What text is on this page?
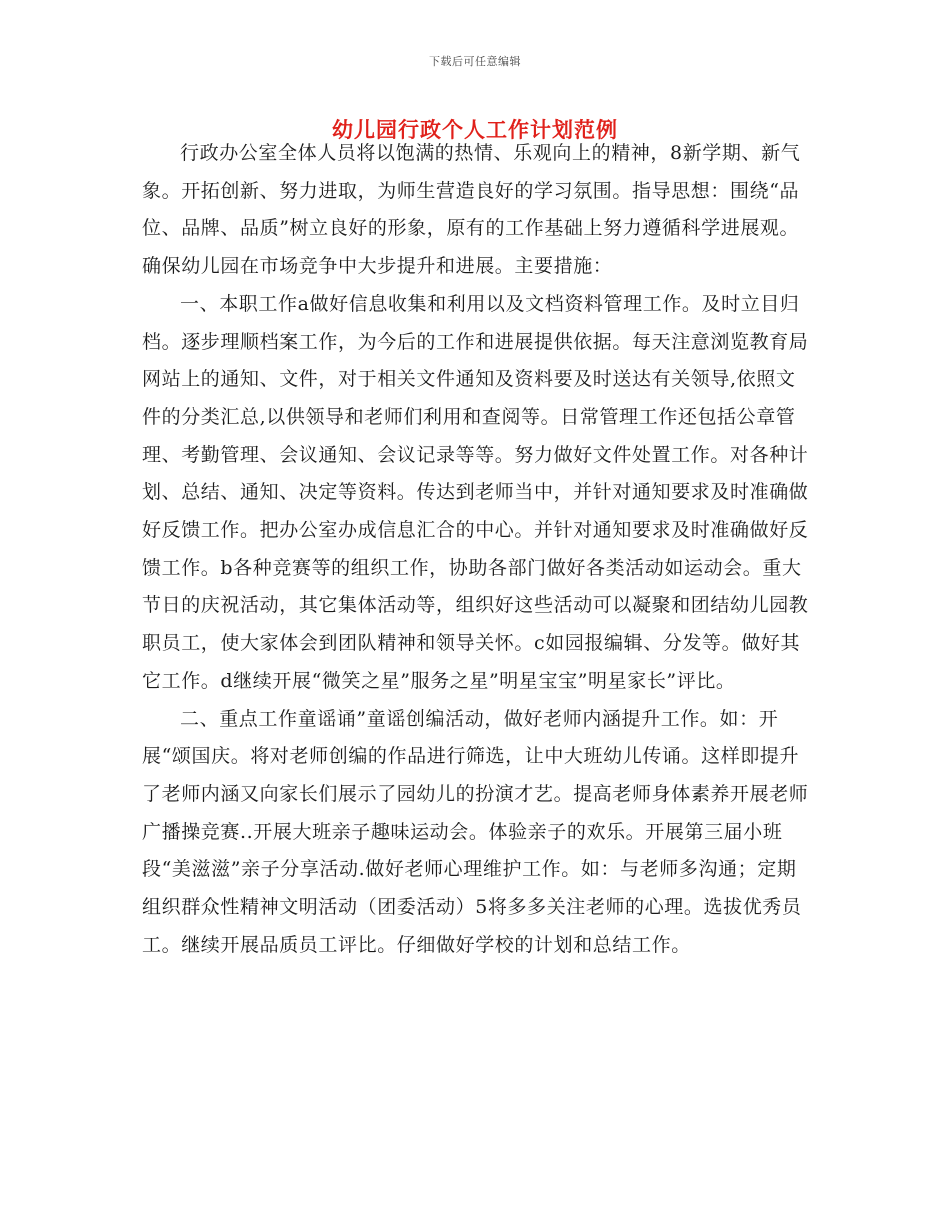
下载后可任意编辑
幼儿园行政个人工作计划范例

行政办公室全体人员将以饱满的热情、乐观向上的精神，8新学期、新气象。开拓创新、努力进取，为师生营造良好的学习氛围。指导思想：围绕“品位、品牌、品质”树立良好的形象，原有的工作基础上努力遵循科学进展观。确保幼儿园在市场竞争中大步提升和进展。主要措施：

一、本职工作a做好信息收集和利用以及文档资料管理工作。及时立目归档。逐步理顺档案工作，为今后的工作和进展提供依据。每天注意浏览教育局网站上的通知、文件，对于相关文件通知及资料要及时送达有关领导,依照文件的分类汇总,以供领导和老师们利用和查阅等。日常管理工作还包括公章管理、考勤管理、会议通知、会议记录等等。努力做好文件处置工作。对各种计划、总结、通知、决定等资料。传达到老师当中，并针对通知要求及时准确做好反馈工作。把办公室办成信息汇合的中心。并针对通知要求及时准确做好反馈工作。b各种竞赛等的组织工作，协助各部门做好各类活动如运动会。重大节日的庆祝活动，其它集体活动等，组织好这些活动可以凝聚和团结幼儿园教职员工，使大家体会到团队精神和领导关怀。c如园报编辑、分发等。做好其它工作。d继续开展“微笑之星”服务之星”明星宝宝”明星家长”评比。

二、重点工作童谣诵”童谣创编活动，做好老师内涵提升工作。如：开展“颂国庆。将对老师创编的作品进行筛选，让中大班幼儿传诵。这样即提升了老师内涵又向家长们展示了园幼儿的扮演才艺。提高老师身体素养开展老师广播操竞赛..开展大班亲子趣味运动会。体验亲子的欢乐。开展第三届小班段“美滋滋”亲子分享活动.做好老师心理维护工作。如：与老师多沟通；定期组织群众性精神文明活动（团委活动）5将多多关注老师的心理。选拔优秀员工。继续开展品质员工评比。仔细做好学校的计划和总结工作。
